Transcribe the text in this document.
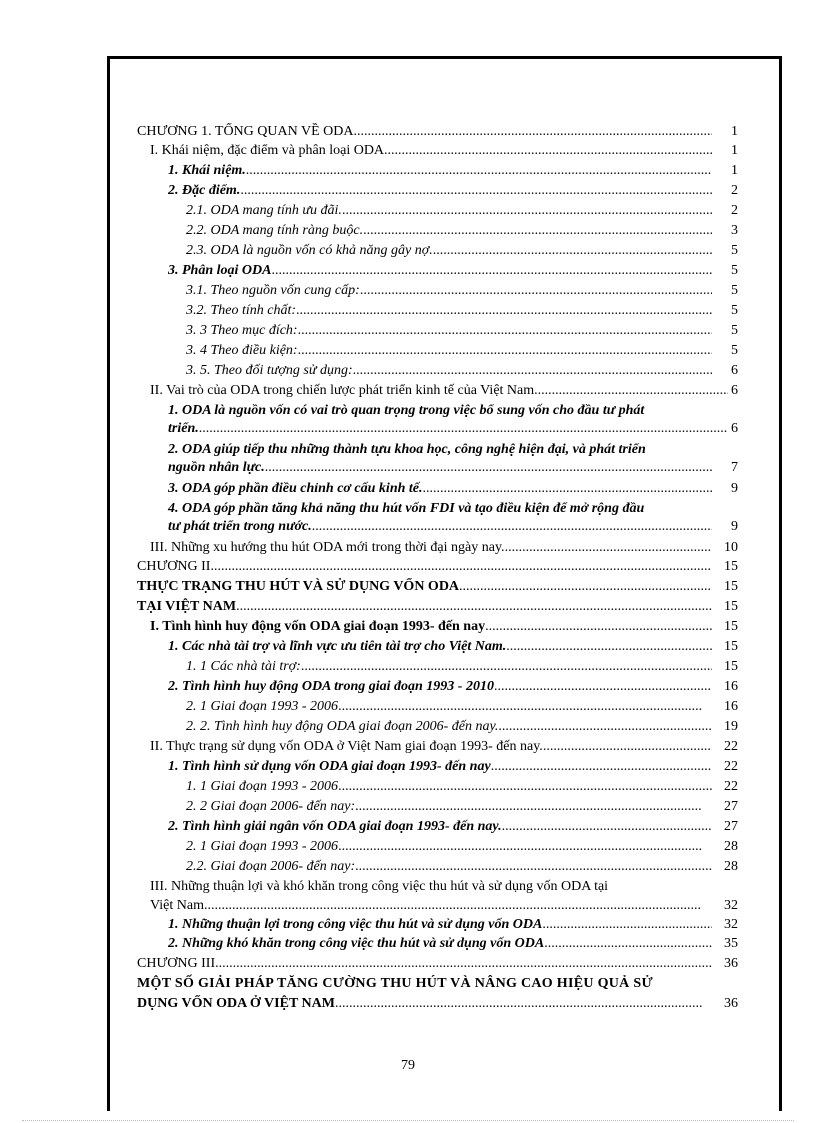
CHƯƠNG 1. TỔNG QUAN VỀ ODA .....	1
I. Khái niệm, đặc điểm và phân loại ODA. .....	1
1. Khái niệm. .....	1
2. Đặc điểm. .....	2
2.1. ODA mang tính ưu đãi. .....	2
2.2. ODA mang tính ràng buộc. .....	3
2.3. ODA là nguồn vốn có khả năng gây nợ. .....	5
3. Phân loại ODA .....	5
3.1. Theo nguồn vốn cung cấp: .....	5
3.2. Theo tính chất: .....	5
3. 3 Theo mục đích: .....	5
3. 4 Theo điều kiện: .....	5
3. 5. Theo đối tượng sử dụng: .....	6
II. Vai trò của ODA trong chiến lược phát triển kinh tế của Việt Nam. .....	6
1. ODA là nguồn vốn có vai trò quan trọng trong việc bổ sung vốn cho đầu tư phát
triển. .....	6
2. ODA giúp tiếp thu những thành tựu khoa học, công nghệ hiện đại, và phát triển
nguồn nhân lực. .....	7
3. ODA góp phần điều chỉnh cơ cấu kinh tế. .....	9
4. ODA góp phần tăng khả năng thu hút vốn FDI và tạo điều kiện để mở rộng đầu
tư phát triển trong nước. .....	9
III. Những xu hướng thu hút ODA mới trong thời đại ngày nay. .....	10
CHƯƠNG II .....	15
THỰC TRẠNG THU HÚT VÀ SỬ DỤNG VỐN ODA .....	15
TẠI VIỆT NAM .....	15
I. Tình hình huy động vốn ODA giai đoạn 1993- đến nay .....	15
1. Các nhà tài trợ và lĩnh vực ưu tiên tài trợ cho Việt Nam. .....	15
1. 1 Các nhà tài trợ: .....	15
2. Tình hình huy động ODA trong giai đoạn 1993 - 2010 .....	16
2. 1 Giai đoạn 1993 - 2006 .....	16
2. 2. Tình hình huy động ODA giai đoạn 2006- đến nay. .....	19
II. Thực trạng sử dụng vốn ODA ở Việt Nam giai đoạn 1993- đến nay. .....	22
1. Tình hình sử dụng vốn ODA giai đoạn 1993- đến nay .....	22
1. 1 Giai đoạn 1993 - 2006 .....	22
2. 2 Giai đoạn 2006- đến nay: .....	27
2. Tình hình giải ngân vốn ODA giai đoạn 1993- đến nay. .....	27
2. 1 Giai đoạn 1993 - 2006 .....	28
2.2. Giai đoạn 2006- đến nay: .....	28
III. Những thuận lợi và khó khăn trong công việc thu hút và sử dụng vốn ODA tại
Việt Nam. .....	32
1. Những thuận lợi trong công việc thu hút và sử dụng vốn ODA .....	32
2. Những khó khăn trong công việc thu hút và sử dụng vốn ODA .....	35
CHƯƠNG III .....	36
MỘT SỐ GIẢI PHÁP TĂNG CƯỜNG THU HÚT VÀ NÂNG CAO HIỆU QUẢ SỬ
DỤNG VỐN ODA Ở VIỆT NAM .....	36
79
